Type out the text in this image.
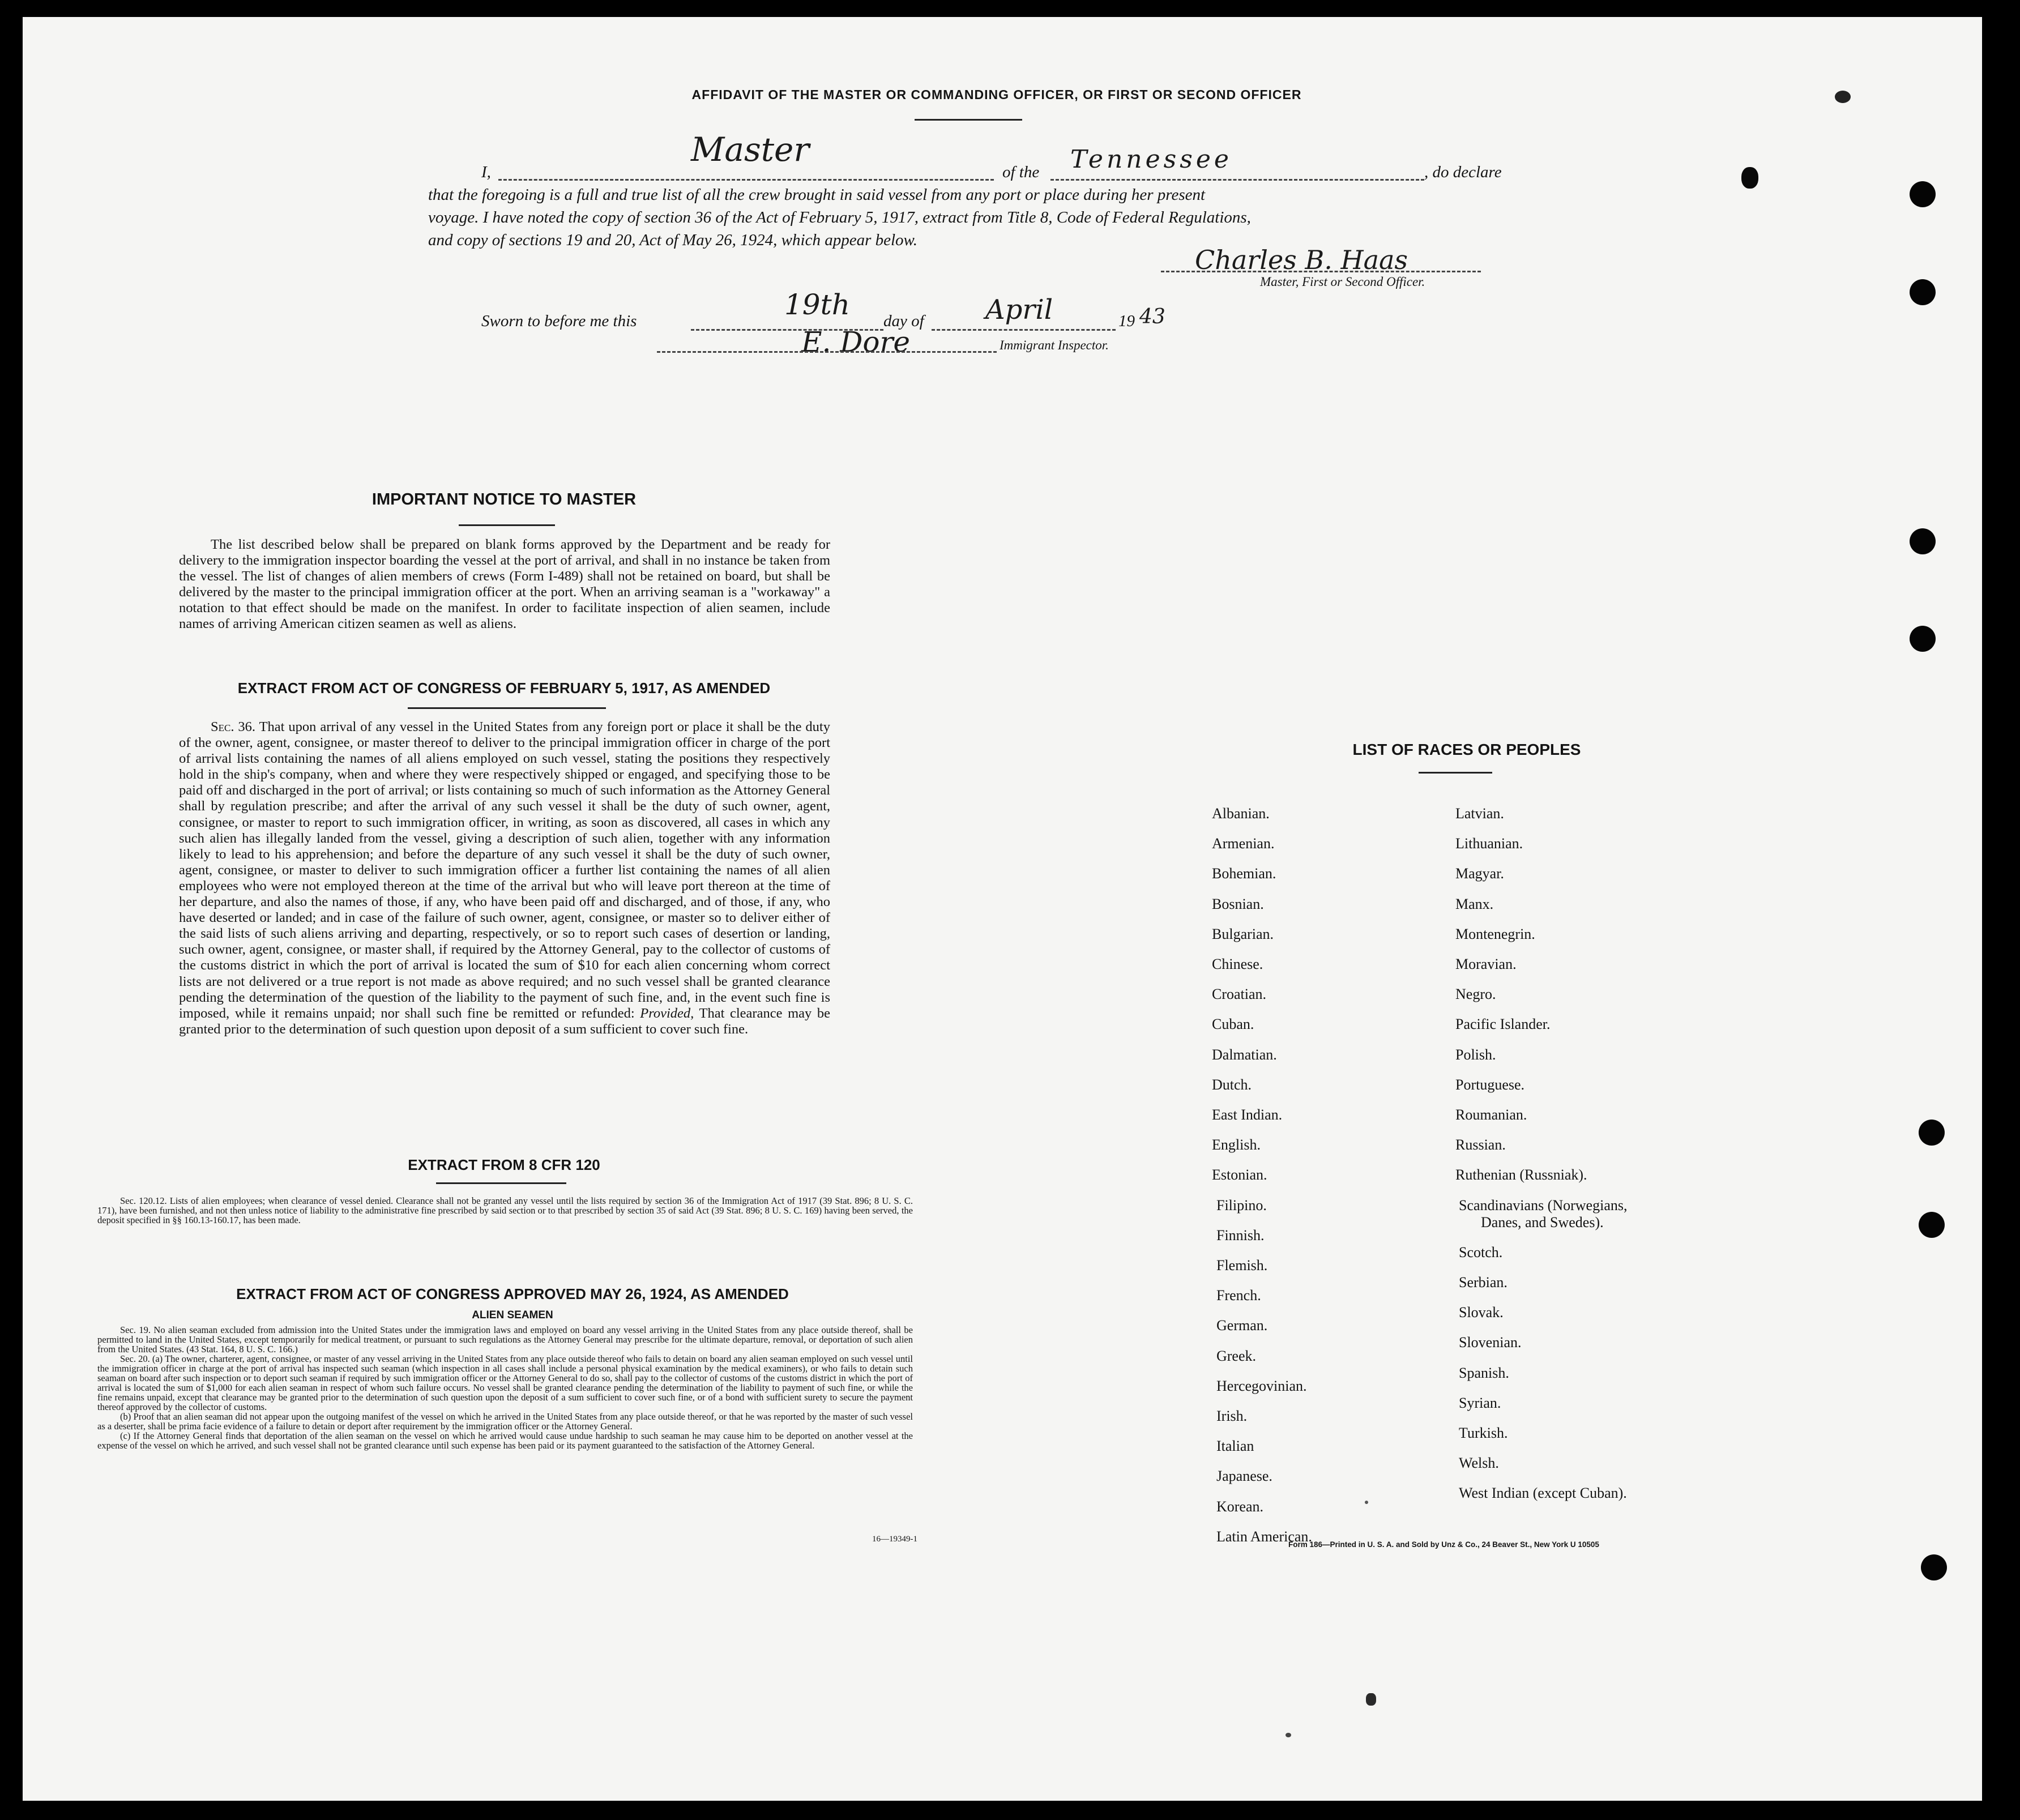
AFFIDAVIT OF THE MASTER OR COMMANDING OFFICER, OR FIRST OR SECOND OFFICER
I,
Master
of the Tennessee	, do declare
that the foregoing is a full and true list of all the crew brought in said vessel from any port or place during her present
voyage. I have noted the copy of section 36 of the Act of February 5, 1917, extract from Title 8, Code of Federal Regulations,
and copy of sections 19 and 20, Act of May 26, 1924, which appear below.
Charles B. Haas
Master, First or Second Officer.
Sworn to before me this	19th day of April	19 43
E. Dore	Immigrant Inspector.
IMPORTANT NOTICE TO MASTER
The list described below shall be prepared on blank forms approved by the Department and be ready for delivery to the immigration inspector boarding the vessel at the port of arrival, and shall in no instance be taken from the vessel. The list of changes of alien members of crews (Form I-489) shall not be retained on board, but shall be delivered by the master to the principal immigration officer at the port. When an arriving seaman is a "workaway" a notation to that effect should be made on the manifest. In order to facilitate inspection of alien seamen, include names of arriving American citizen seamen as well as aliens.
EXTRACT FROM ACT OF CONGRESS OF FEBRUARY 5, 1917, AS AMENDED
Sec. 36. That upon arrival of any vessel in the United States from any foreign port or place it shall be the duty of the owner, agent, consignee, or master thereof to deliver to the principal immigration officer in charge of the port of arrival lists containing the names of all aliens employed on such vessel, stating the positions they respectively hold in the ship's company, when and where they were respectively shipped or engaged, and specifying those to be paid off and discharged in the port of arrival; or lists containing so much of such information as the Attorney General shall by regulation prescribe; and after the arrival of any such vessel it shall be the duty of such owner, agent, consignee, or master to report to such immigration officer, in writing, as soon as discovered, all cases in which any such alien has illegally landed from the vessel, giving a description of such alien, together with any information likely to lead to his apprehension; and before the departure of any such vessel it shall be the duty of such owner, agent, consignee, or master to deliver to such immigration officer a further list containing the names of all alien employees who were not employed thereon at the time of the arrival but who will leave port thereon at the time of her departure, and also the names of those, if any, who have been paid off and discharged, and of those, if any, who have deserted or landed; and in case of the failure of such owner, agent, consignee, or master so to deliver either of the said lists of such aliens arriving and departing, respectively, or so to report such cases of desertion or landing, such owner, agent, consignee, or master shall, if required by the Attorney General, pay to the collector of customs of the customs district in which the port of arrival is located the sum of $10 for each alien concerning whom correct lists are not delivered or a true report is not made as above required; and no such vessel shall be granted clearance pending the determination of the question of the liability to the payment of such fine, and, in the event such fine is imposed, while it remains unpaid; nor shall such fine be remitted or refunded: Provided, That clearance may be granted prior to the determination of such question upon deposit of a sum sufficient to cover such fine.
EXTRACT FROM 8 CFR 120
Sec. 120.12. Lists of alien employees; when clearance of vessel denied. Clearance shall not be granted any vessel until the lists required by section 36 of the Immigration Act of 1917 (39 Stat. 896; 8 U. S. C. 171), have been furnished, and not then unless notice of liability to the administrative fine prescribed by said section or to that prescribed by section 35 of said Act (39 Stat. 896; 8 U. S. C. 169) having been served, the deposit specified in §§ 160.13-160.17, has been made.
EXTRACT FROM ACT OF CONGRESS APPROVED MAY 26, 1924, AS AMENDED
ALIEN SEAMEN
Sec. 19. No alien seaman excluded from admission into the United States under the immigration laws and employed on board any vessel arriving in the United States from any place outside thereof, shall be permitted to land in the United States, except temporarily for medical treatment, or pursuant to such regulations as the Attorney General may prescribe for the ultimate departure, removal, or deportation of such alien from the United States. (43 Stat. 164, 8 U. S. C. 166.)
Sec. 20. (a) The owner, charterer, agent, consignee, or master of any vessel arriving in the United States from any place outside thereof who fails to detain on board any alien seaman employed on such vessel until the immigration officer in charge at the port of arrival has inspected such seaman (which inspection in all cases shall include a personal physical examination by the medical examiners), or who fails to detain such seaman on board after such inspection or to deport such seaman if required by such immigration officer or the Attorney General to do so, shall pay to the collector of customs of the customs district in which the port of arrival is located the sum of $1,000 for each alien seaman in respect of whom such failure occurs. No vessel shall be granted clearance pending the determination of the liability to payment of such fine, or while the fine remains unpaid, except that clearance may be granted prior to the determination of such question upon the deposit of a sum sufficient to cover such fine, or of a bond with sufficient surety to secure the payment thereof approved by the collector of customs.
(b) Proof that an alien seaman did not appear upon the outgoing manifest of the vessel on which he arrived in the United States from any place outside thereof, or that he was reported by the master of such vessel as a deserter, shall be prima facie evidence of a failure to detain or deport after requirement by the immigration officer or the Attorney General.
(c) If the Attorney General finds that deportation of the alien seaman on the vessel on which he arrived would cause undue hardship to such seaman he may cause him to be deported on another vessel at the expense of the vessel on which he arrived, and such vessel shall not be granted clearance until such expense has been paid or its payment guaranteed to the satisfaction of the Attorney General.
16—19349-1
LIST OF RACES OR PEOPLES
Albanian.
Armenian.
Bohemian.
Bosnian.
Bulgarian.
Chinese.
Croatian.
Cuban.
Dalmatian.
Dutch.
East Indian.
English.
Estonian.
Filipino.
Finnish.
Flemish.
French.
German.
Greek.
Hercegovinian.
Irish.
Italian
Japanese.
Korean.
Latin American.
Latvian.
Lithuanian.
Magyar.
Manx.
Montenegrin.
Moravian.
Negro.
Pacific Islander.
Polish.
Portuguese.
Roumanian.
Russian.
Ruthenian (Russniak).
Scandinavians (Norwegians,
Danes, and Swedes).
Scotch.
Serbian.
Slovak.
Slovenian.
Spanish.
Syrian.
Turkish.
Welsh.
West Indian (except Cuban).
Form 186—Printed in U. S. A. and Sold by Unz & Co., 24 Beaver St., New York U 10505
